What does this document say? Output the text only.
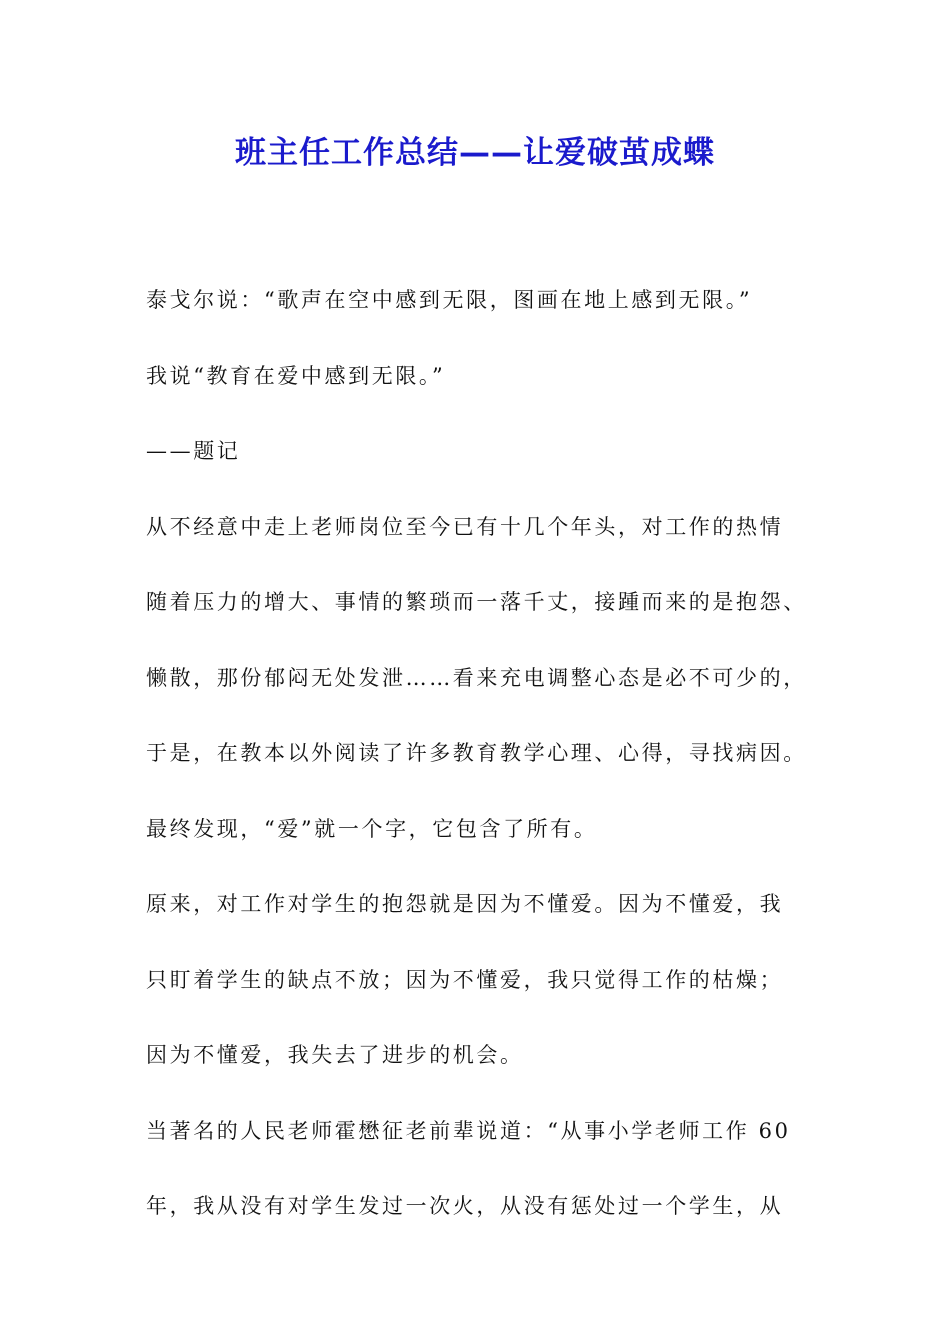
班主任工作总结——让爱破茧成蝶
泰戈尔说：“歌声在空中感到无限，图画在地上感到无限。”
我说“教育在爱中感到无限。”
——题记
从不经意中走上老师岗位至今已有十几个年头，对工作的热情
随着压力的增大、事情的繁琐而一落千丈，接踵而来的是抱怨、
懒散，那份郁闷无处发泄……看来充电调整心态是必不可少的，
于是，在教本以外阅读了许多教育教学心理、心得，寻找病因。
最终发现，“爱”就一个字，它包含了所有。
原来，对工作对学生的抱怨就是因为不懂爱。因为不懂爱，我
只盯着学生的缺点不放；因为不懂爱，我只觉得工作的枯燥；
因为不懂爱，我失去了进步的机会。
当著名的人民老师霍懋征老前辈说道：“从事小学老师工作 60
年，我从没有对学生发过一次火，从没有惩处过一个学生，从
